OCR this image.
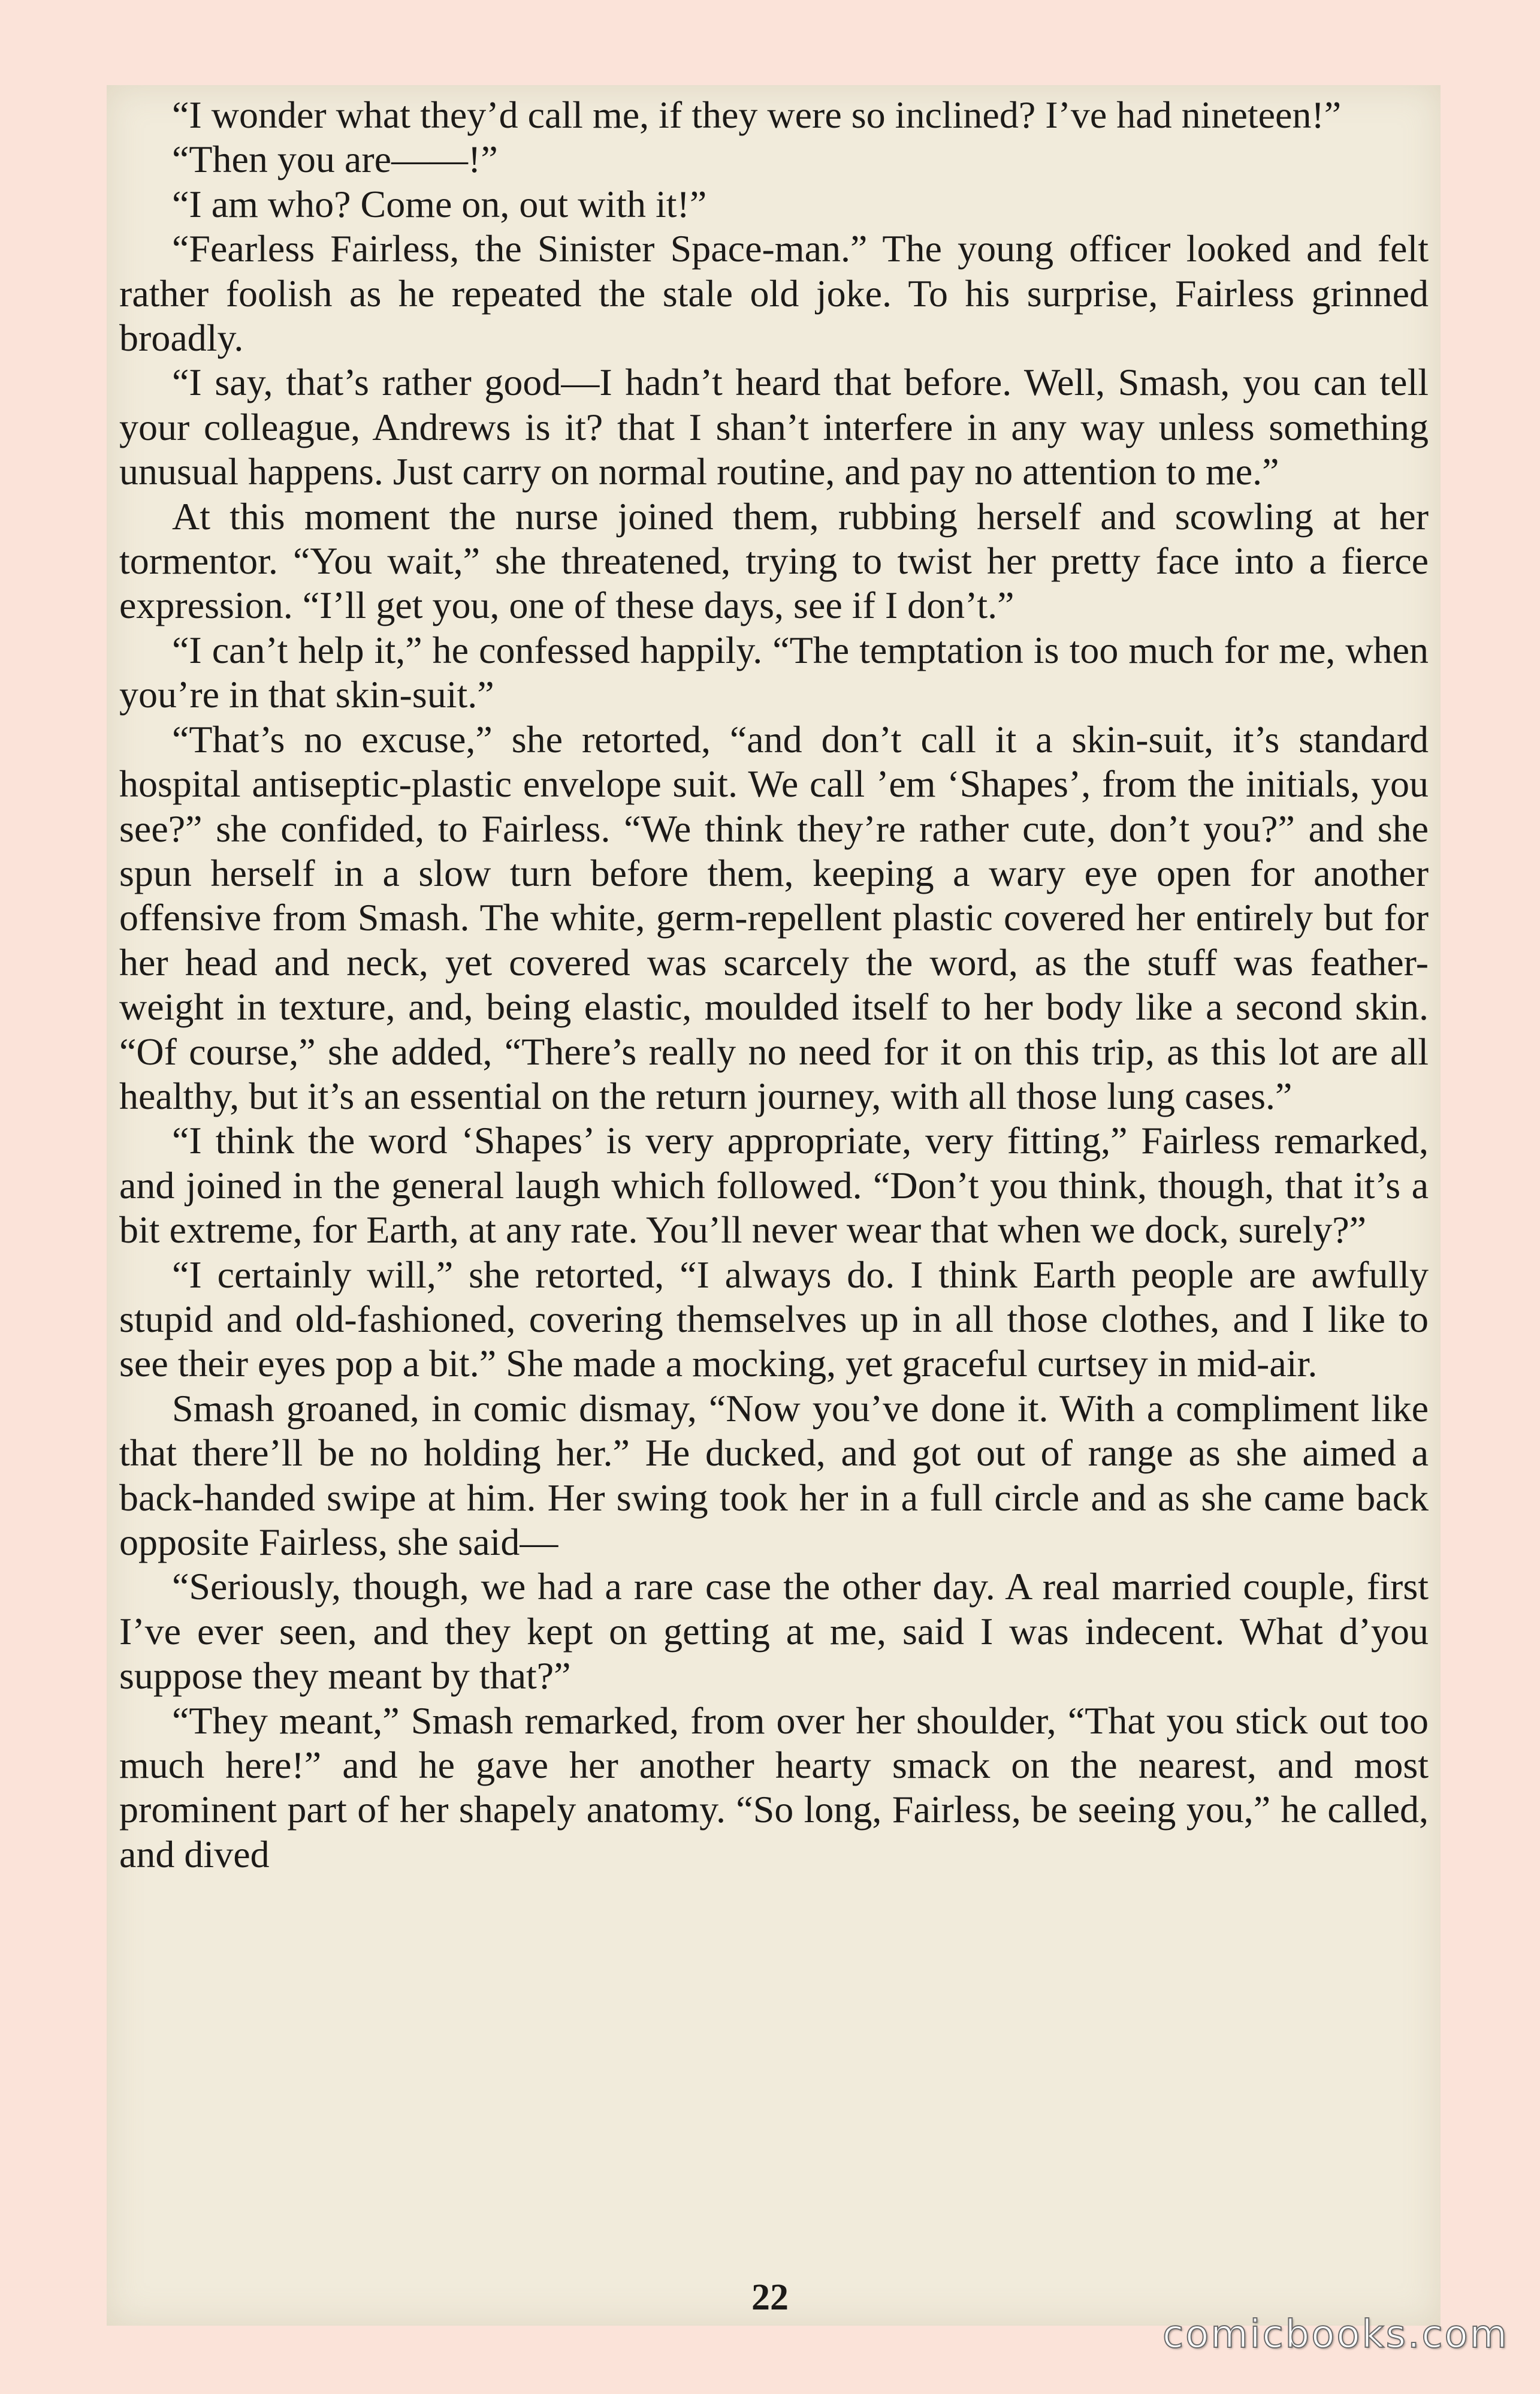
“I wonder what they’d call me, if they were so inclined? I’ve had nineteen!”

“Then you are——!”

“I am who? Come on, out with it!”

“Fearless Fairless, the Sinister Space-man.” The young officer looked and felt rather foolish as he repeated the stale old joke. To his surprise, Fairless grinned broadly.

“I say, that’s rather good—I hadn’t heard that before. Well, Smash, you can tell your colleague, Andrews is it? that I shan’t interfere in any way unless something unusual happens. Just carry on normal routine, and pay no attention to me.”

At this moment the nurse joined them, rubbing herself and scowling at her tormentor. “You wait,” she threatened, trying to twist her pretty face into a fierce expression. “I’ll get you, one of these days, see if I don’t.”

“I can’t help it,” he confessed happily. “The temptation is too much for me, when you’re in that skin-suit.”

“That’s no excuse,” she retorted, “and don’t call it a skin-suit, it’s standard hospital antiseptic-plastic envelope suit. We call ’em ‘Shapes’, from the initials, you see?” she confided, to Fairless. “We think they’re rather cute, don’t you?” and she spun herself in a slow turn before them, keeping a wary eye open for another offensive from Smash. The white, germ-repellent plastic covered her entirely but for her head and neck, yet covered was scarcely the word, as the stuff was feather-weight in texture, and, being elastic, moulded itself to her body like a second skin. “Of course,” she added, “There’s really no need for it on this trip, as this lot are all healthy, but it’s an essential on the return journey, with all those lung cases.”

“I think the word ‘Shapes’ is very appropriate, very fitting,” Fairless remarked, and joined in the general laugh which followed. “Don’t you think, though, that it’s a bit extreme, for Earth, at any rate. You’ll never wear that when we dock, surely?”

“I certainly will,” she retorted, “I always do. I think Earth people are awfully stupid and old-fashioned, covering themselves up in all those clothes, and I like to see their eyes pop a bit.” She made a mocking, yet graceful curtsey in mid-air.

Smash groaned, in comic dismay, “Now you’ve done it. With a compliment like that there’ll be no holding her.” He ducked, and got out of range as she aimed a back-handed swipe at him. Her swing took her in a full circle and as she came back opposite Fairless, she said—

“Seriously, though, we had a rare case the other day. A real married couple, first I’ve ever seen, and they kept on getting at me, said I was indecent. What d’you suppose they meant by that?”

“They meant,” Smash remarked, from over her shoulder, “That you stick out too much here!” and he gave her another hearty smack on the nearest, and most prominent part of her shapely anatomy. “So long, Fairless, be seeing you,” he called, and dived

22
comicbooks.com
